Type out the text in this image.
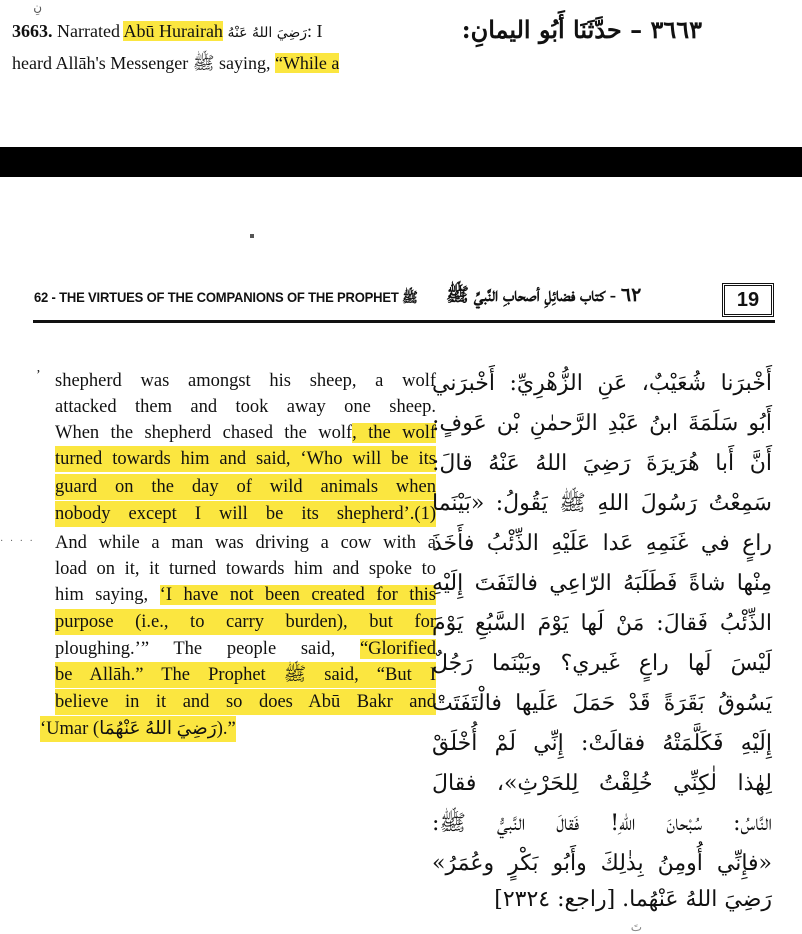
نِ
3663. Narrated Abū Hurairah رَضِيَ اللهُ عَنْهُ: I
heard Allāh's Messenger ﷺ saying, “While a
٣٦٦٣ – حدَّثَنَا أَبُو اليمانِ:
62 - THE VIRTUES OF THE COMPANIONS OF THE PROPHET ﷺ ٦٢ - كتاب فضائِلِ أصحابِ النَّبيِّ ﷺ	19
ʼ
· · · ·
shepherd was amongst his sheep, a wolf
attacked them and took away one sheep.
When the shepherd chased the wolf, the wolf
turned towards him and said, ‘Who will be its
guard on the day of wild animals when
nobody except I will be its shepherd’.(1)
And while a man was driving a cow with a
load on it, it turned towards him and spoke to
him saying, ‘I have not been created for this
purpose (i.e., to carry burden), but for
ploughing.’” The people said, “Glorified
be Allāh.” The Prophet ﷺ said, “But I
believe in it and so does Abū Bakr and
‘Umar (رَضِيَ اللهُ عَنْهُمَا).”
أَخْبرَنا شُعَيْبٌ، عَنِ الزُّهْرِيِّ: أَخْبرَني
أَبُو سَلَمَةَ ابنُ عَبْدِ الرَّحمٰنِ بْن عَوفٍ:
أَنَّ أَبا هُرَيرَةَ رَضِيَ اللهُ عَنْهُ قالَ:
سَمِعْتُ رَسُولَ اللهِ ﷺ يَقُولُ: «بَيْنَما
راعٍ في غَنَمِهِ عَدا عَلَيْهِ الذِّئْبُ فأَخَذَ
مِنْها شاةً فَطَلَبَهُ الرّاعِي فالتَفَتَ إِلَيْهِ
الذِّئْبُ فَقالَ: مَنْ لَها يَوْمَ السَّبُعِ يَوْمَ
لَيْسَ لَها راعٍ غَيري؟ وبَيْنَما رَجُلٌ
يَسُوقُ بَقَرَةً قَدْ حَمَلَ عَلَيها فالْتَفَتَتْ
إِلَيْهِ فَكَلَّمَتْهُ فقالَتْ: إِنِّي لَمْ أُخْلَقْ
لِهٰذا لٰكِنِّي خُلِقْتُ لِلحَرْثِ»، فقالَ
النَّاسُ: سُبْحانَ اللهِ! فَقالَ النَّبيُّ ﷺ:
«فإِنِّي أُومِنُ بِذٰلِكَ وأَبُو بَكْرٍ وعُمَرُ»
رَضِيَ اللهُ عَنْهُما. [راجع: ٢٣٢٤]
تَ
